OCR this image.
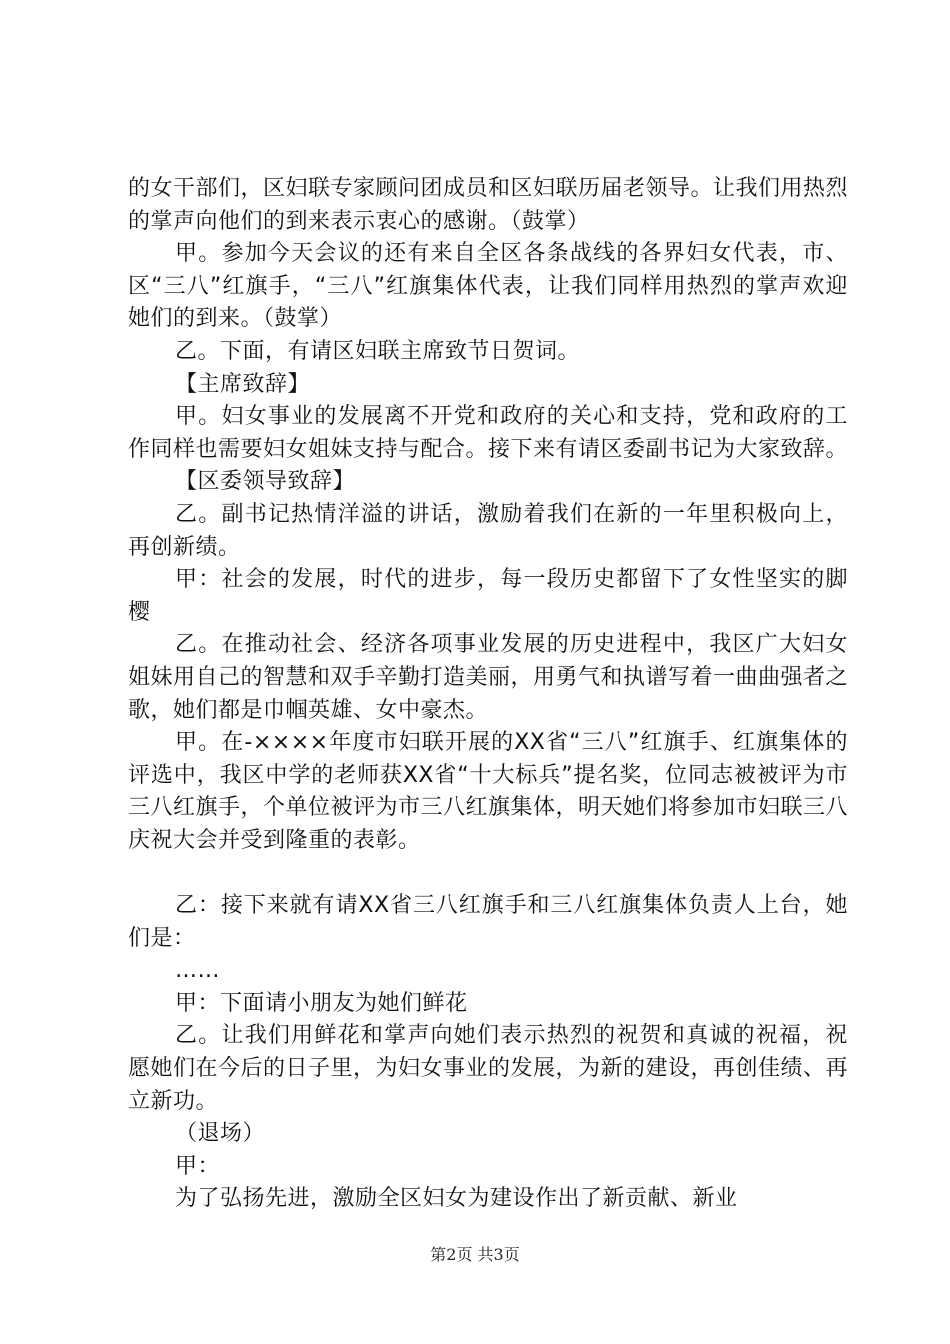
的女干部们，区妇联专家顾问团成员和区妇联历届老领导。让我们用热烈的掌声向他们的到来表示衷心的感谢。（鼓掌）

甲。参加今天会议的还有来自全区各条战线的各界妇女代表，市、区“三八”红旗手，“三八”红旗集体代表，让我们同样用热烈的掌声欢迎她们的到来。（鼓掌）

乙。下面，有请区妇联主席致节日贺词。

【主席致辞】

甲。妇女事业的发展离不开党和政府的关心和支持，党和政府的工作同样也需要妇女姐妹支持与配合。接下来有请区委副书记为大家致辞。

【区委领导致辞】

乙。副书记热情洋溢的讲话，激励着我们在新的一年里积极向上，再创新绩。

甲：社会的发展，时代的进步，每一段历史都留下了女性坚实的脚樱

乙。在推动社会、经济各项事业发展的历史进程中，我区广大妇女姐妹用自己的智慧和双手辛勤打造美丽，用勇气和执谱写着一曲曲强者之歌，她们都是巾帼英雄、女中豪杰。

甲。在-××××年度市妇联开展的XX省“三八”红旗手、红旗集体的评选中，我区中学的老师获XX省“十大标兵”提名奖，位同志被被评为市三八红旗手，个单位被评为市三八红旗集体，明天她们将参加市妇联三八庆祝大会并受到隆重的表彰。

乙：接下来就有请XX省三八红旗手和三八红旗集体负责人上台，她们是：

……

甲：下面请小朋友为她们鲜花

乙。让我们用鲜花和掌声向她们表示热烈的祝贺和真诚的祝福，祝愿她们在今后的日子里，为妇女事业的发展，为新的建设，再创佳绩、再立新功。

（退场）

甲：

为了弘扬先进，激励全区妇女为建设作出了新贡献、新业

第2页 共3页
